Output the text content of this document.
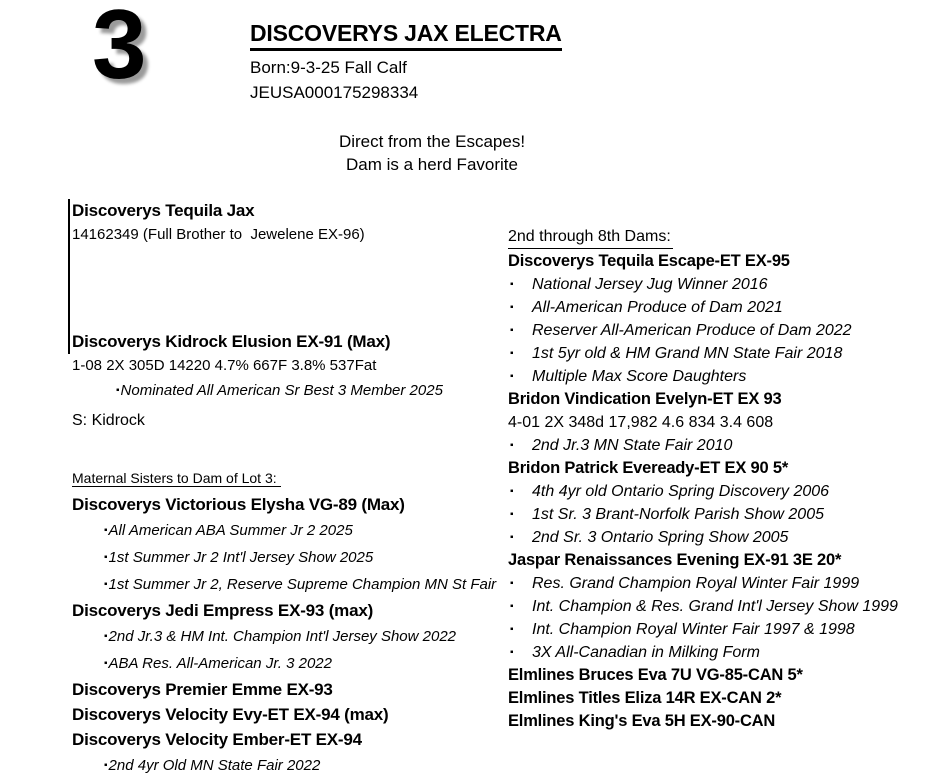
3	DISCOVERYS JAX ELECTRA
Born:9-3-25 Fall Calf
JEUSA000175298334
Direct from the Escapes!
Dam is a herd Favorite
Discoverys Tequila Jax
14162349 (Full Brother to  Jewelene EX-96)
Discoverys Kidrock Elusion EX-91 (Max)
1-08 2X 305D 14220 4.7% 667F 3.8% 537Fat
▪Nominated All American Sr Best 3 Member 2025
S: Kidrock
Maternal Sisters to Dam of Lot 3:
Discoverys Victorious Elysha VG-89 (Max)
▪All American ABA Summer Jr 2 2025
▪1st Summer Jr 2 Int'l Jersey Show 2025
▪1st Summer Jr 2, Reserve Supreme Champion MN St Fair
Discoverys Jedi Empress EX-93 (max)
▪2nd Jr.3 & HM Int. Champion Int'l Jersey Show 2022
▪ABA Res. All-American Jr. 3 2022
Discoverys Premier Emme EX-93
Discoverys Velocity Evy-ET EX-94 (max)
Discoverys Velocity Ember-ET EX-94
▪2nd 4yr Old MN State Fair 2022
2nd through 8th Dams:
Discoverys Tequila Escape-ET EX-95
▪	National Jersey Jug Winner 2016
▪	All-American Produce of Dam 2021
▪	Reserver All-American Produce of Dam 2022
▪	1st 5yr old & HM Grand MN State Fair 2018
▪	Multiple Max Score Daughters
Bridon Vindication Evelyn-ET EX 93
4-01 2X 348d 17,982 4.6 834 3.4 608
▪	2nd Jr.3 MN State Fair 2010
Bridon Patrick Eveready-ET EX 90 5*
▪	4th 4yr old Ontario Spring Discovery 2006
▪	1st Sr. 3 Brant-Norfolk Parish Show 2005
▪	2nd Sr. 3 Ontario Spring Show 2005
Jaspar Renaissances Evening EX-91 3E 20*
▪	Res. Grand Champion Royal Winter Fair 1999
▪	Int. Champion & Res. Grand Int'l Jersey Show 1999
▪	Int. Champion Royal Winter Fair 1997 & 1998
▪	3X All-Canadian in Milking Form
Elmlines Bruces Eva 7U VG-85-CAN 5*
Elmlines Titles Eliza 14R EX-CAN 2*
Elmlines King's Eva 5H EX-90-CAN
